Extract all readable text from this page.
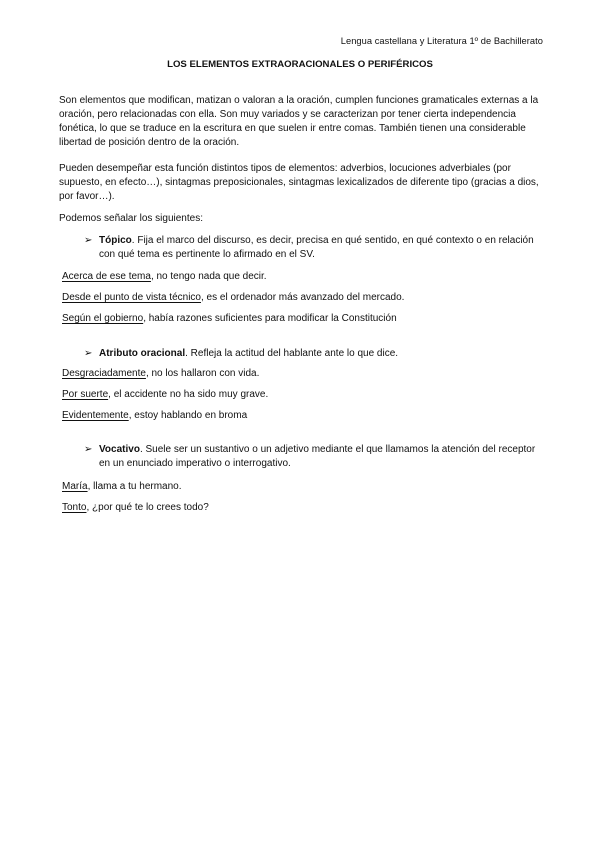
Lengua castellana y Literatura 1º de Bachillerato
LOS ELEMENTOS EXTRAORACIONALES O PERIFÉRICOS
Son elementos que modifican, matizan o valoran a la oración, cumplen funciones gramaticales externas a la oración, pero relacionadas con ella. Son muy variados y se caracterizan por tener cierta independencia fonética, lo que se traduce en la escritura en que suelen ir entre comas. También tienen una considerable libertad de posición dentro de la oración.
Pueden desempeñar esta función distintos tipos de elementos: adverbios, locuciones adverbiales (por supuesto, en efecto…), sintagmas preposicionales, sintagmas lexicalizados de diferente tipo (gracias a dios, por favor…).
Podemos señalar los siguientes:
➢ Tópico. Fija el marco del discurso, es decir, precisa en qué sentido, en qué contexto o en relación con qué tema es pertinente lo afirmado en el SV.
Acerca de ese tema, no tengo nada que decir.
Desde el punto de vista técnico, es el ordenador más avanzado del mercado.
Según el gobierno, había razones suficientes para modificar la Constitución
➢ Atributo oracional. Refleja la actitud del hablante ante lo que dice.
Desgraciadamente, no los hallaron con vida.
Por suerte, el accidente no ha sido muy grave.
Evidentemente, estoy hablando en broma
➢ Vocativo. Suele ser un sustantivo o un adjetivo mediante el que llamamos la atención del receptor en un enunciado imperativo o interrogativo.
María, llama a tu hermano.
Tonto, ¿por qué te lo crees todo?
